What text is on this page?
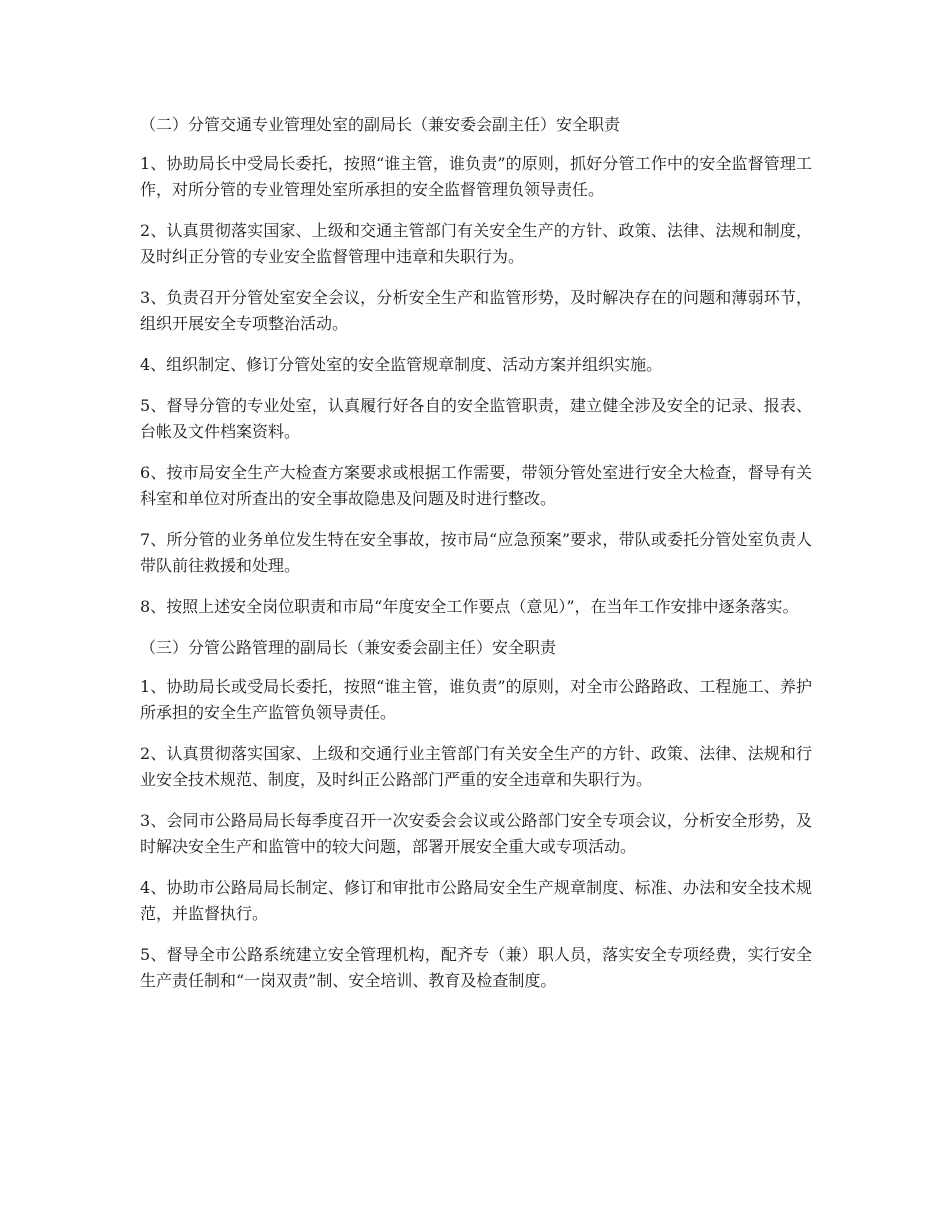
（二）分管交通专业管理处室的副局长（兼安委会副主任）安全职责

1、协助局长中受局长委托，按照“谁主管，谁负责”的原则，抓好分管工作中的安全监督管理工作，对所分管的专业管理处室所承担的安全监督管理负领导责任。

2、认真贯彻落实国家、上级和交通主管部门有关安全生产的方针、政策、法律、法规和制度，及时纠正分管的专业安全监督管理中违章和失职行为。

3、负责召开分管处室安全会议，分析安全生产和监管形势，及时解决存在的问题和薄弱环节，组织开展安全专项整治活动。

4、组织制定、修订分管处室的安全监管规章制度、活动方案并组织实施。

5、督导分管的专业处室，认真履行好各自的安全监管职责，建立健全涉及安全的记录、报表、台帐及文件档案资料。

6、按市局安全生产大检查方案要求或根据工作需要，带领分管处室进行安全大检查，督导有关科室和单位对所查出的安全事故隐患及问题及时进行整改。

7、所分管的业务单位发生特在安全事故，按市局“应急预案”要求，带队或委托分管处室负责人带队前往救援和处理。

8、按照上述安全岗位职责和市局“年度安全工作要点（意见）”，在当年工作安排中逐条落实。

（三）分管公路管理的副局长（兼安委会副主任）安全职责

1、协助局长或受局长委托，按照“谁主管，谁负责”的原则，对全市公路路政、工程施工、养护所承担的安全生产监管负领导责任。

2、认真贯彻落实国家、上级和交通行业主管部门有关安全生产的方针、政策、法律、法规和行业安全技术规范、制度，及时纠正公路部门严重的安全违章和失职行为。

3、会同市公路局局长每季度召开一次安委会会议或公路部门安全专项会议，分析安全形势，及时解决安全生产和监管中的较大问题，部署开展安全重大或专项活动。

4、协助市公路局局长制定、修订和审批市公路局安全生产规章制度、标准、办法和安全技术规范，并监督执行。

5、督导全市公路系统建立安全管理机构，配齐专（兼）职人员，落实安全专项经费，实行安全生产责任制和“一岗双责”制、安全培训、教育及检查制度。
